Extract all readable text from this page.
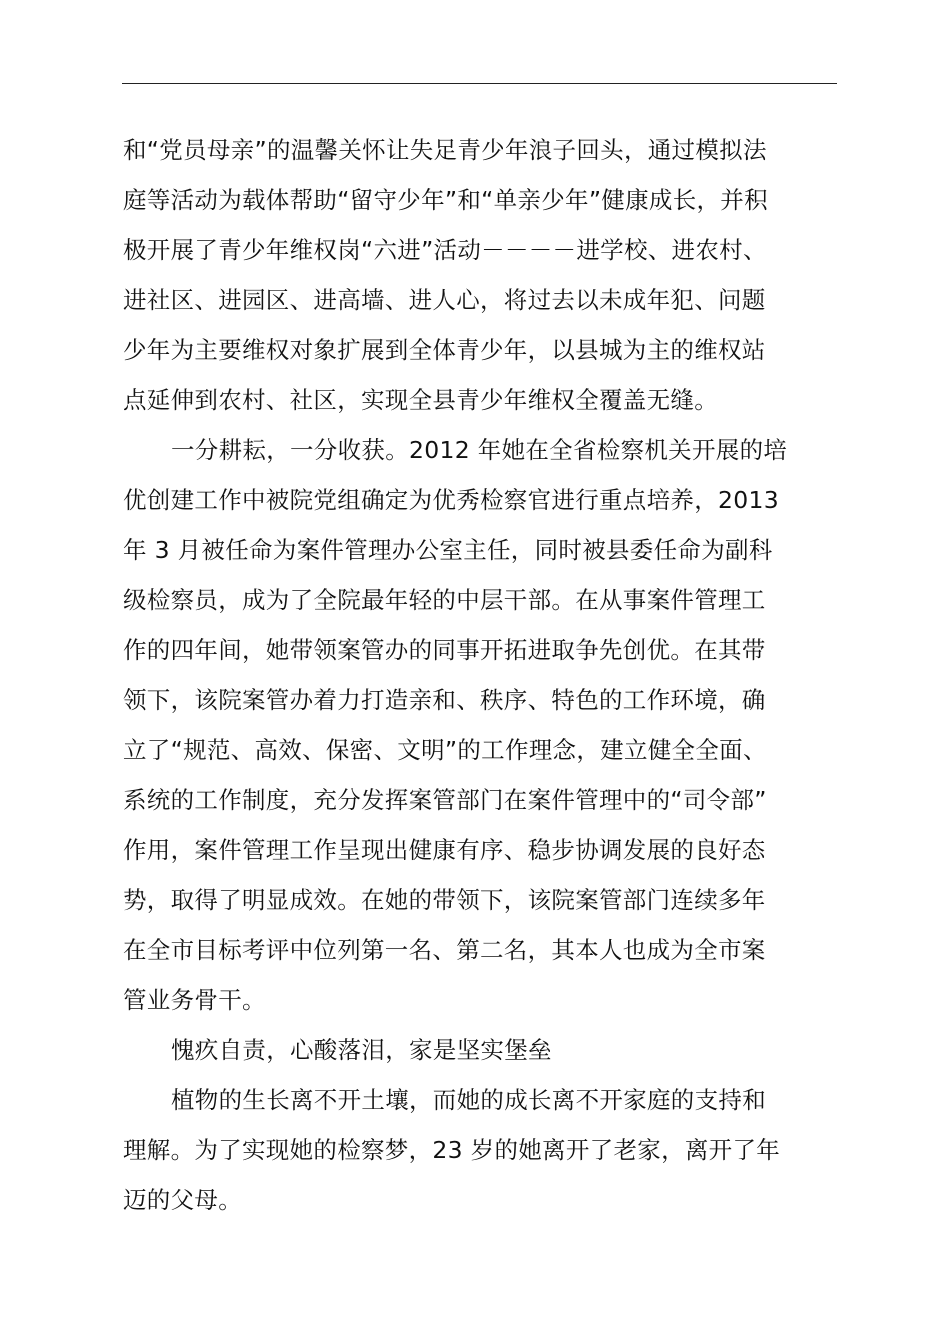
和“党员母亲”的温馨关怀让失足青少年浪子回头，通过模拟法
庭等活动为载体帮助“留守少年”和“单亲少年”健康成长，并积
极开展了青少年维权岗“六进”活动－－－－进学校、进农村、
进社区、进园区、进高墙、进人心，将过去以未成年犯、问题
少年为主要维权对象扩展到全体青少年，以县城为主的维权站
点延伸到农村、社区，实现全县青少年维权全覆盖无缝。
一分耕耘，一分收获。2012 年她在全省检察机关开展的培
优创建工作中被院党组确定为优秀检察官进行重点培养，2013
年 3 月被任命为案件管理办公室主任，同时被县委任命为副科
级检察员，成为了全院最年轻的中层干部。在从事案件管理工
作的四年间，她带领案管办的同事开拓进取争先创优。在其带
领下，该院案管办着力打造亲和、秩序、特色的工作环境，确
立了“规范、高效、保密、文明”的工作理念，建立健全全面、
系统的工作制度，充分发挥案管部门在案件管理中的“司令部”
作用，案件管理工作呈现出健康有序、稳步协调发展的良好态
势，取得了明显成效。在她的带领下，该院案管部门连续多年
在全市目标考评中位列第一名、第二名，其本人也成为全市案
管业务骨干。
愧疚自责，心酸落泪，家是坚实堡垒
植物的生长离不开土壤，而她的成长离不开家庭的支持和
理解。为了实现她的检察梦，23 岁的她离开了老家，离开了年
迈的父母。
